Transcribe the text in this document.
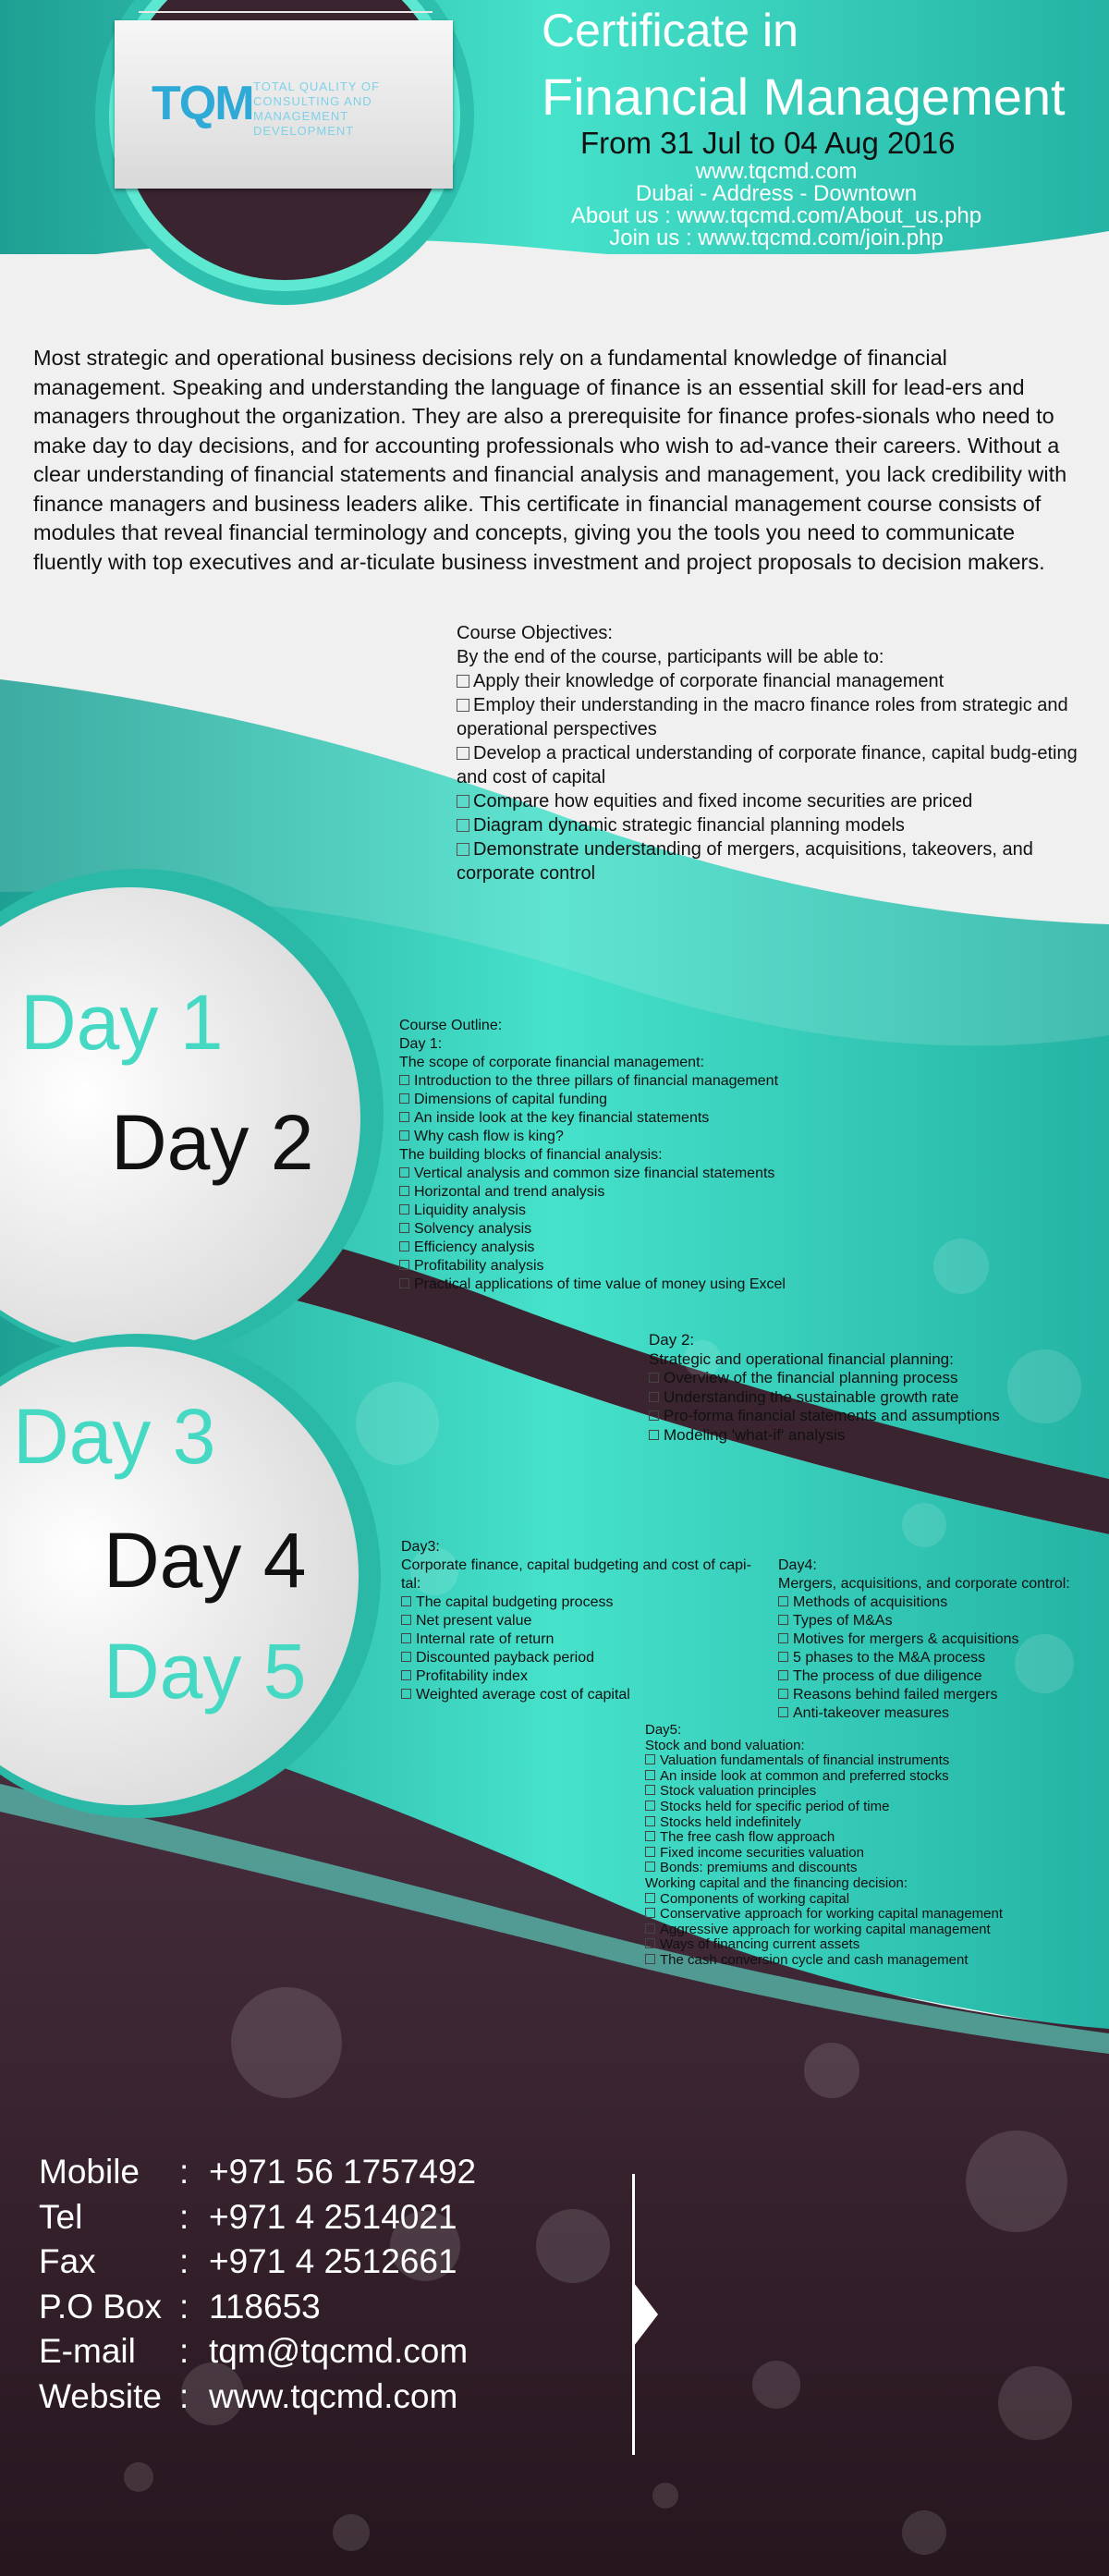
TQM TOTAL QUALITY OF CONSULTING AND MANAGEMENT DEVELOPMENT
Certificate in
Financial Management
From 31 Jul to 04 Aug 2016
www.tqcmd.com
Dubai - Address - Downtown
About us : www.tqcmd.com/About_us.php
Join us : www.tqcmd.com/join.php
Most strategic and operational business decisions rely on a fundamental knowledge of financial management. Speaking and understanding the language of finance is an essential skill for lead-ers and managers throughout the organization. They are also a prerequisite for finance profes-sionals who need to make day to day decisions, and for accounting professionals who wish to ad-vance their careers. Without a clear understanding of financial statements and financial analysis and management, you lack credibility with finance managers and business leaders alike. This certificate in financial management course consists of modules that reveal financial terminology and concepts, giving you the tools you need to communicate fluently with top executives and ar-ticulate business investment and project proposals to decision makers.

Course Objectives:

By the end of the course, participants will be able to:

Apply their knowledge of corporate financial management

Employ their understanding in the macro finance roles from strategic and operational perspectives

Develop a practical understanding of corporate finance, capital budg-eting and cost of capital

Compare how equities and fixed income securities are priced

Diagram dynamic strategic financial planning models

Demonstrate understanding of mergers, acquisitions, takeovers, and corporate control

Day 1
Day 2
Day 3
Day 4
Day 5

Course Outline:

Day 1:

The scope of corporate financial management:

Introduction to the three pillars of financial management

Dimensions of capital funding

An inside look at the key financial statements

Why cash flow is king?

The building blocks of financial analysis:

Vertical analysis and common size financial statements

Horizontal and trend analysis

Liquidity analysis

Solvency analysis

Efficiency analysis

Profitability analysis

Practical applications of time value of money using Excel

Day 2:

Strategic and operational financial planning:

Overview of the financial planning process

Understanding the sustainable growth rate

Pro-forma financial statements and assumptions

Modeling 'what-if' analysis

Day3:

Corporate finance, capital budgeting and cost of capi-tal:

The capital budgeting process

Net present value

Internal rate of return

Discounted payback period

Profitability index

Weighted average cost of capital

Day4:

Mergers, acquisitions, and corporate control:

Methods of acquisitions

Types of M&As

Motives for mergers & acquisitions

5 phases to the M&A process

The process of due diligence

Reasons behind failed mergers

Anti-takeover measures

Day5:

Stock and bond valuation:

Valuation fundamentals of financial instruments

An inside look at common and preferred stocks

Stock valuation principles

Stocks held for specific period of time

Stocks held indefinitely

The free cash flow approach

Fixed income securities valuation

Bonds: premiums and discounts

Working capital and the financing decision:

Components of working capital

Conservative approach for working capital management

Aggressive approach for working capital management

Ways of financing current assets

The cash conversion cycle and cash management

Mobile : +971 56 1757492
Tel	: +971 4 2514021
Fax : +971 4 2512661
P.O Box : 118653
E-mail : tqm@tqcmd.com
Website : www.tqcmd.com
